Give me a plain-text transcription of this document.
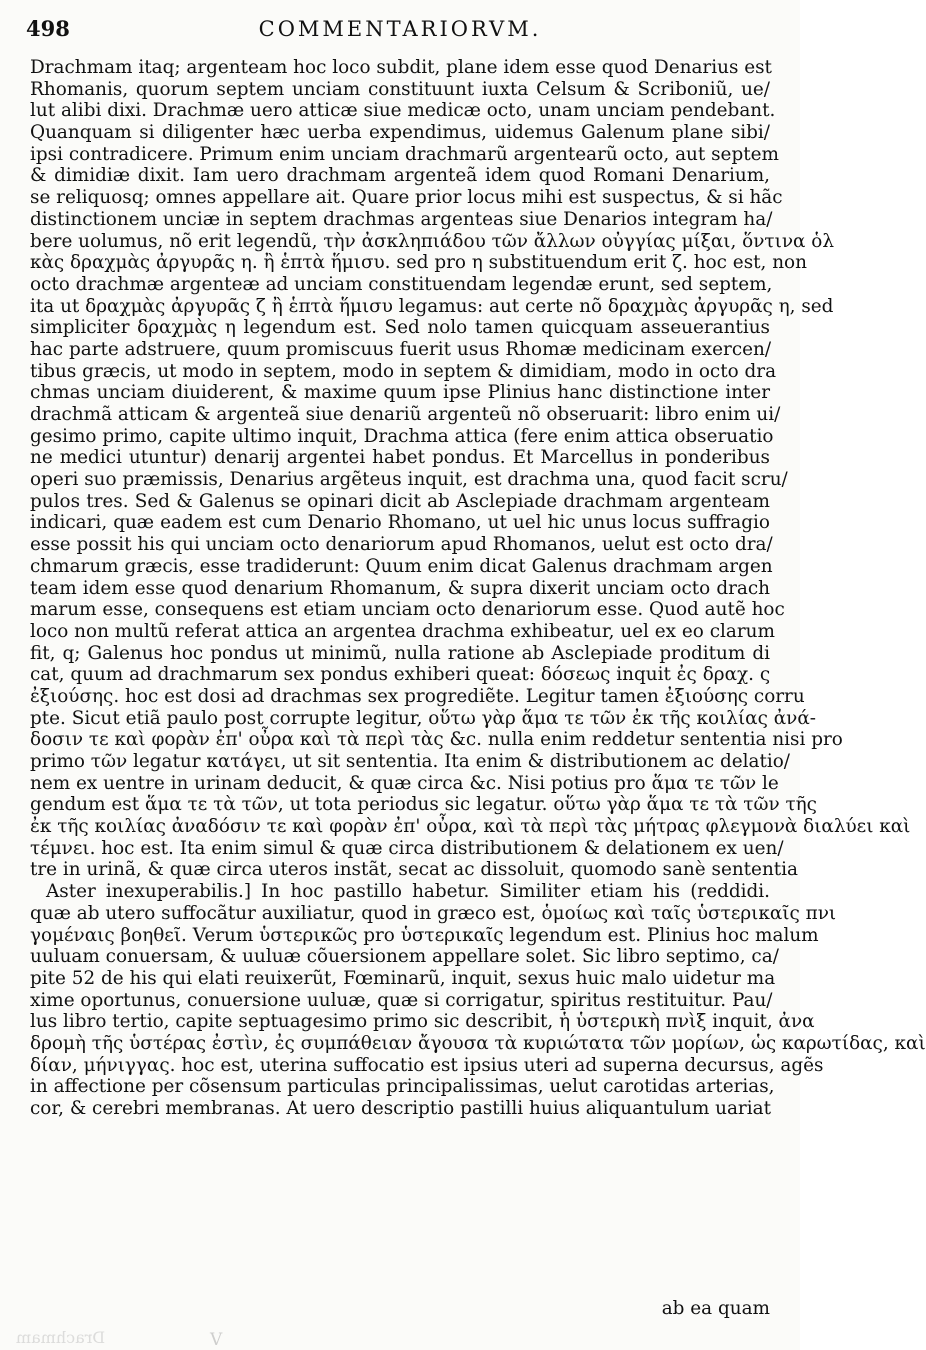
498	COMMENTARIORVM.
Drachmam itaq; argenteam hoc loco subdit, plane idem esse quod Denarius est
Rhomanis, quorum septem unciam constituunt iuxta Celsum & Scriboniũ, ue/
lut alibi dixi. Drachmæ uero atticæ siue medicæ octo, unam unciam pendebant.
Quanquam si diligenter hæc uerba expendimus, uidemus Galenum plane sibi/
ipsi contradicere. Primum enim unciam drachmarũ argentearũ octo, aut septem
& dimidiæ dixit. Iam uero drachmam argenteã idem quod Romani Denarium,
se reliquosq; omnes appellare ait. Quare prior locus mihi est suspectus, & si hãc
distinctionem unciæ in septem drachmas argenteas siue Denarios integram ha/
bere uolumus, nõ erit legendũ, τὴν ἀσκληπιάδου τῶν ἄλλων οὐγγίας μίξαι, ὅντινα ὁλ
κὰς δραχμὰς ἀργυρᾶς η. ἢ ἑπτὰ ἥμισυ. sed pro η substituendum erit ζ. hoc est, non
octo drachmæ argenteæ ad unciam constituendam legendæ erunt, sed septem,
ita ut δραχμὰς ἀργυρᾶς ζ ἢ ἑπτὰ ἥμισυ legamus: aut certe nõ δραχμὰς ἀργυρᾶς η, sed
simpliciter δραχμὰς η legendum est. Sed nolo tamen quicquam asseuerantius
hac parte adstruere, quum promiscuus fuerit usus Rhomæ medicinam exercen/
tibus græcis, ut modo in septem, modo in septem & dimidiam, modo in octo dra
chmas unciam diuiderent, & maxime quum ipse Plinius hanc distinctione inter
drachmã atticam & argenteã siue denariũ argenteũ nõ obseruarit: libro enim ui/
gesimo primo, capite ultimo inquit, Drachma attica (fere enim attica obseruatio
ne medici utuntur) denarij argentei habet pondus. Et Marcellus in ponderibus
operi suo præmissis, Denarius argẽteus inquit, est drachma una, quod facit scru/
pulos tres. Sed & Galenus se opinari dicit ab Asclepiade drachmam argenteam
indicari, quæ eadem est cum Denario Rhomano, ut uel hic unus locus suffragio
esse possit his qui unciam octo denariorum apud Rhomanos, uelut est octo dra/
chmarum græcis, esse tradiderunt: Quum enim dicat Galenus drachmam argen
team idem esse quod denarium Rhomanum, & supra dixerit unciam octo drach
marum esse, consequens est etiam unciam octo denariorum esse. Quod autẽ hoc
loco non multũ referat attica an argentea drachma exhibeatur, uel ex eo clarum
fit, q; Galenus hoc pondus ut minimũ, nulla ratione ab Asclepiade proditum di
cat, quum ad drachmarum sex pondus exhiberi queat: δόσεως inquit ἐς δραχ. ς
ἐξιούσης. hoc est dosi ad drachmas sex progrediẽte. Legitur tamen ἐξιούσης corru
pte. Sicut etiã paulo post corrupte legitur, οὕτω γὰρ ἅμα τε τῶν ἐκ τῆς κοιλίας ἀνά-
δοσιν τε καὶ φορὰν ἐπ' οὖρα καὶ τὰ περὶ τὰς &c. nulla enim reddetur sententia nisi pro
primo τῶν legatur κατάγει, ut sit sententia. Ita enim & distributionem ac delatio/
nem ex uentre in urinam deducit, & quæ circa &c. Nisi potius pro ἅμα τε τῶν le
gendum est ἅμα τε τὰ τῶν, ut tota periodus sic legatur. οὕτω γὰρ ἅμα τε τὰ τῶν τῆς
ἐκ τῆς κοιλίας ἀναδόσιν τε καὶ φορὰν ἐπ' οὖρα, καὶ τὰ περὶ τὰς μήτρας φλεγμονὰ διαλύει καὶ
τέμνει. hoc est. Ita enim simul & quæ circa distributionem & delationem ex uen/
tre in urinã, & quæ circa uteros instãt, secat ac dissoluit, quomodo sanè sententia
Aster inexuperabilis.] In hoc pastillo habetur. Similiter etiam his (reddidi.
quæ ab utero suffocãtur auxiliatur, quod in græco est, ὁμοίως καὶ ταῖς ὑστερικαῖς πνι
γομέναις βοηθεῖ. Verum ὑστερικῶς pro ὑστερικαῖς legendum est. Plinius hoc malum
uuluam conuersam, & uuluæ cõuersionem appellare solet. Sic libro septimo, ca/
pite 52 de his qui elati reuixerũt, Fœminarũ, inquit, sexus huic malo uidetur ma
xime oportunus, conuersione uuluæ, quæ si corrigatur, spiritus restituitur. Pau/
lus libro tertio, capite septuagesimo primo sic describit, ἡ ὑστερικὴ πνὶξ inquit, ἀνα
δρομὴ τῆς ὑστέρας ἐστὶν, ἐς συμπάθειαν ἄγουσα τὰ κυριώτατα τῶν μορίων, ὡς καρωτίδας, καὶ
δίαν, μήνιγγας. hoc est, uterina suffocatio est ipsius uteri ad superna decursus, agẽs
in affectione per cõsensum particulas principalissimas, uelut carotidas arterias,
cor, & cerebri membranas. At uero descriptio pastilli huius aliquantulum uariat
ab ea quam
V
Drachmam
